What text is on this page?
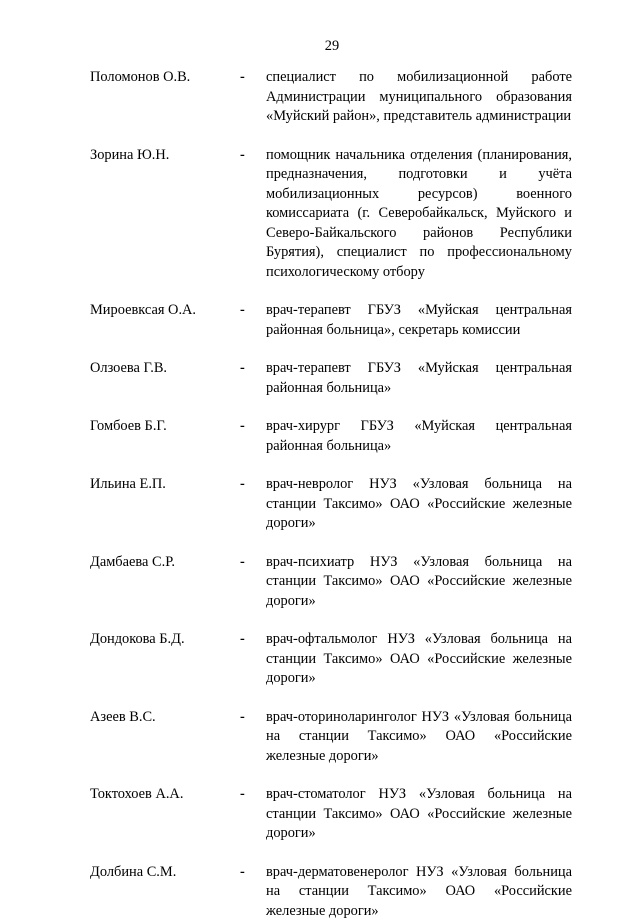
29
Поломонов О.В.	-	специалист по мобилизационной работе Администрации муниципального образования «Муйский район», представитель администрации
Зорина Ю.Н.	-	помощник начальника отделения (планирования, предназначения, подготовки и учёта мобилизационных ресурсов) военного комиссариата (г. Северобайкальск, Муйского и Северо-Байкальского районов Республики Бурятия), специалист по профессиональному психологическому отбору
Мироевксая О.А.	-	врач-терапевт ГБУЗ «Муйская центральная районная больница», секретарь комиссии
Олзоева Г.В.	-	врач-терапевт ГБУЗ «Муйская центральная районная больница»
Гомбоев Б.Г.	-	врач-хирург ГБУЗ «Муйская центральная районная больница»
Ильина Е.П.	-	врач-невролог НУЗ «Узловая больница на станции Таксимо» ОАО «Российские железные дороги»
Дамбаева С.Р.	-	врач-психиатр НУЗ «Узловая больница на станции Таксимо» ОАО «Российские железные дороги»
Дондокова Б.Д.	-	врач-офтальмолог НУЗ «Узловая больница на станции Таксимо» ОАО «Российские железные дороги»
Азеев В.С.	-	врач-оториноларинголог НУЗ «Узловая больница на станции Таксимо» ОАО «Российские железные дороги»
Токтохоев А.А.	-	врач-стоматолог НУЗ «Узловая больница на станции Таксимо» ОАО «Российские железные дороги»
Долбина С.М.	-	врач-дерматовенеролог НУЗ «Узловая больница на станции Таксимо» ОАО «Российские железные дороги»
